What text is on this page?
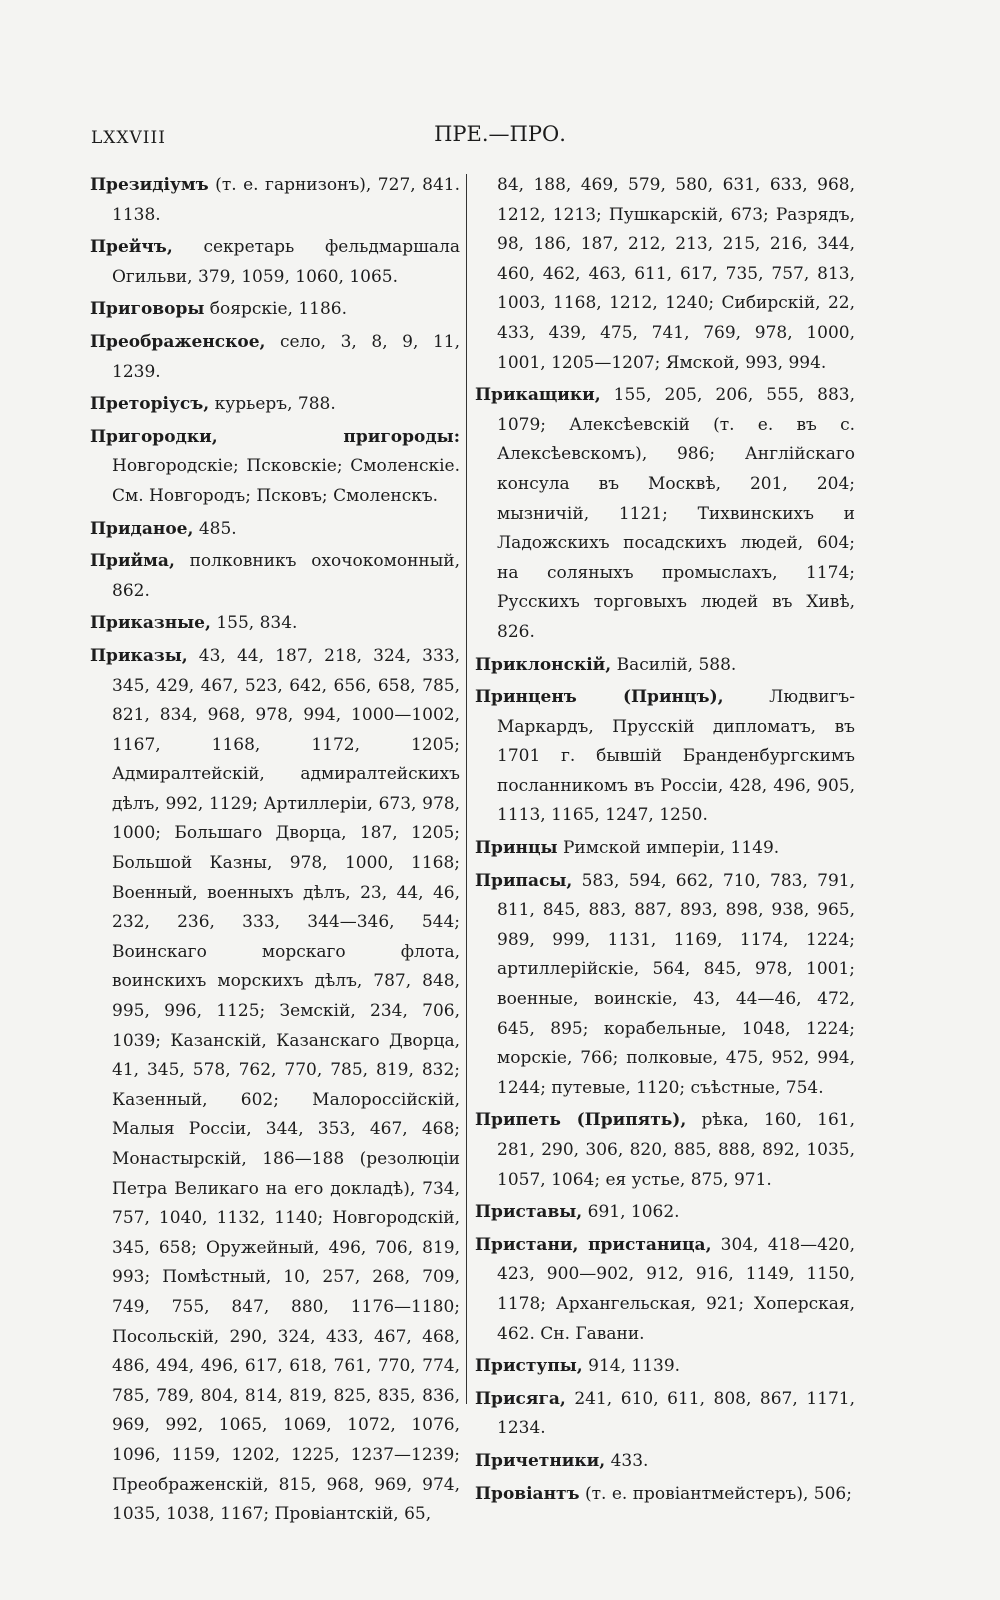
LXXVIII	ПРЕ.—ПРО.

Президіумъ (т. е. гарнизонъ), 727, 841. 1138.

Прейчъ, секретарь фельдмаршала Огильви, 379, 1059, 1060, 1065.

Приговоры боярскіе, 1186.

Преображенское, село, 3, 8, 9, 11, 1239.

Преторіусъ, курьеръ, 788.

Пригородки, пригороды: Новгородскіе; Псковскіе; Смоленскіе. См. Новгородъ; Псковъ; Смоленскъ.

Приданое, 485.

Прийма, полковникъ охочокомонный, 862.

Приказные, 155, 834.

Приказы, 43, 44, 187, 218, 324, 333, 345, 429, 467, 523, 642, 656, 658, 785, 821, 834, 968, 978, 994, 1000—1002, 1167, 1168, 1172, 1205; Адмиралтейскій, адмиралтейскихъ дѣлъ, 992, 1129; Артиллеріи, 673, 978, 1000; Большаго Дворца, 187, 1205; Большой Казны, 978, 1000, 1168; Военный, военныхъ дѣлъ, 23, 44, 46, 232, 236, 333, 344—346, 544; Воинскаго морскаго флота, воинскихъ морскихъ дѣлъ, 787, 848, 995, 996, 1125; Земскій, 234, 706, 1039; Казанскій, Казанскаго Дворца, 41, 345, 578, 762, 770, 785, 819, 832; Казенный, 602; Малороссійскій, Малыя Россіи, 344, 353, 467, 468; Монастырскій, 186—188 (резолюціи Петра Великаго на его докладѣ), 734, 757, 1040, 1132, 1140; Новгородскій, 345, 658; Оружейный, 496, 706, 819, 993; Помѣстный, 10, 257, 268, 709, 749, 755, 847, 880, 1176—1180; Посольскій, 290, 324, 433, 467, 468, 486, 494, 496, 617, 618, 761, 770, 774, 785, 789, 804, 814, 819, 825, 835, 836, 969, 992, 1065, 1069, 1072, 1076, 1096, 1159, 1202, 1225, 1237—1239; Преображенскій, 815, 968, 969, 974, 1035, 1038, 1167; Провіантскій, 65,

84, 188, 469, 579, 580, 631, 633, 968, 1212, 1213; Пушкарскій, 673; Разрядъ, 98, 186, 187, 212, 213, 215, 216, 344, 460, 462, 463, 611, 617, 735, 757, 813, 1003, 1168, 1212, 1240; Сибирскій, 22, 433, 439, 475, 741, 769, 978, 1000, 1001, 1205—1207; Ямской, 993, 994.

Прикащики, 155, 205, 206, 555, 883, 1079; Алексѣевскій (т. е. въ с. Алексѣевскомъ), 986; Англійскаго консула въ Москвѣ, 201, 204; мызничій, 1121; Тихвинскихъ и Ладожскихъ посадскихъ людей, 604; на соляныхъ промыслахъ, 1174; Русскихъ торговыхъ людей въ Хивѣ, 826.

Приклонскій, Василій, 588.

Принценъ (Принцъ), Людвигъ-Маркардъ, Прусскій дипломатъ, въ 1701 г. бывшій Бранденбургскимъ посланникомъ въ Россіи, 428, 496, 905, 1113, 1165, 1247, 1250.

Принцы Римской имперіи, 1149.

Припасы, 583, 594, 662, 710, 783, 791, 811, 845, 883, 887, 893, 898, 938, 965, 989, 999, 1131, 1169, 1174, 1224; артиллерійскіе, 564, 845, 978, 1001; военные, воинскіе, 43, 44—46, 472, 645, 895; корабельные, 1048, 1224; морскіе, 766; полковые, 475, 952, 994, 1244; путевые, 1120; съѣстные, 754.

Припеть (Припять), рѣка, 160, 161, 281, 290, 306, 820, 885, 888, 892, 1035, 1057, 1064; ея устье, 875, 971.

Приставы, 691, 1062.

Пристани, пристаница, 304, 418—420, 423, 900—902, 912, 916, 1149, 1150, 1178; Архангельская, 921; Хоперская, 462. Сн. Гавани.

Приступы, 914, 1139.

Присяга, 241, 610, 611, 808, 867, 1171, 1234.

Причетники, 433.

Провіантъ (т. е. провіантмейстеръ), 506;
